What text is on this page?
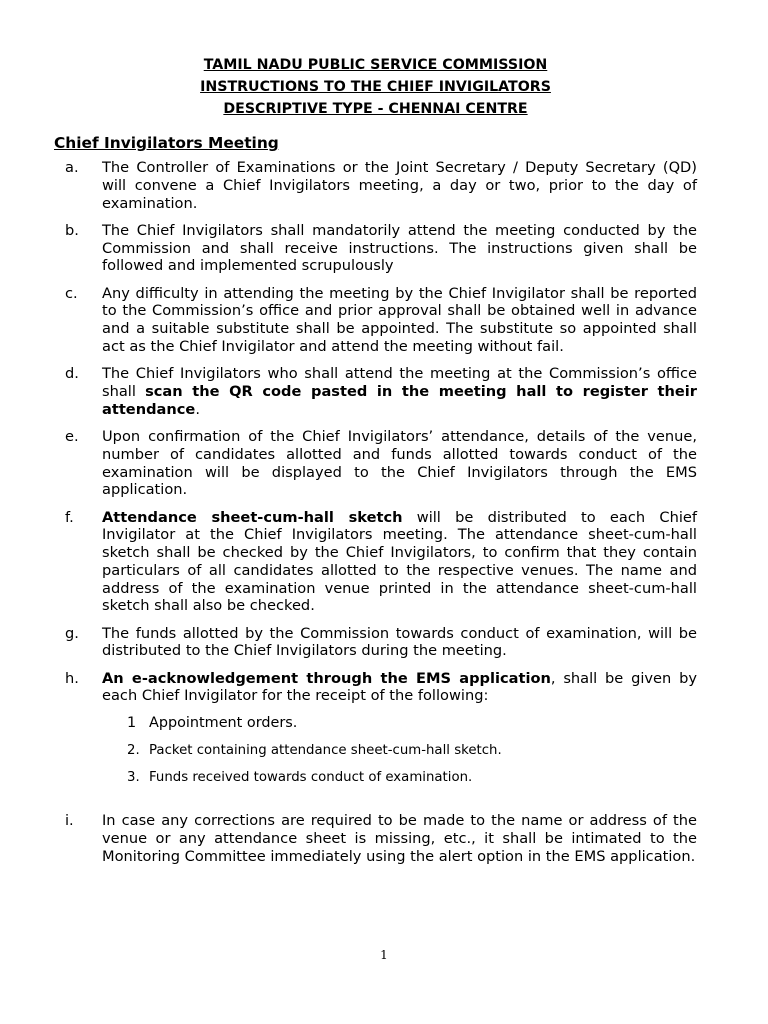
TAMIL NADU PUBLIC SERVICE COMMISSION
INSTRUCTIONS TO THE CHIEF INVIGILATORS
DESCRIPTIVE TYPE - CHENNAI CENTRE
Chief Invigilators Meeting
a.	The Controller of Examinations or the Joint Secretary / Deputy Secretary (QD) will convene a Chief Invigilators meeting, a day or two, prior to the day of examination.
b.	The Chief Invigilators shall mandatorily attend the meeting conducted by the Commission and shall receive instructions. The instructions given shall be followed and implemented scrupulously
c.	Any difficulty in attending the meeting by the Chief Invigilator shall be reported to the Commission’s office and prior approval shall be obtained well in advance and a suitable substitute shall be appointed. The substitute so appointed shall act as the Chief Invigilator and attend the meeting without fail.
d.	The Chief Invigilators who shall attend the meeting at the Commission’s office shall scan the QR code pasted in the meeting hall to register their attendance.
e.	Upon confirmation of the Chief Invigilators’ attendance, details of the venue, number of candidates allotted and funds allotted towards conduct of the examination will be displayed to the Chief Invigilators through the EMS application.
f.	Attendance sheet-cum-hall sketch will be distributed to each Chief Invigilator at the Chief Invigilators meeting. The attendance sheet-cum-hall sketch shall be checked by the Chief Invigilators, to confirm that they contain particulars of all candidates allotted to the respective venues. The name and address of the examination venue printed in the attendance sheet-cum-hall sketch shall also be checked.
g.	The funds allotted by the Commission towards conduct of examination, will be distributed to the Chief Invigilators during the meeting.
h.	An e-acknowledgement through the EMS application, shall be given by each Chief Invigilator for the receipt of the following:
1 Appointment orders.
2. Packet containing attendance sheet-cum-hall sketch.
3. Funds received towards conduct of examination.
i.	In case any corrections are required to be made to the name or address of the venue or any attendance sheet is missing, etc., it shall be intimated to the Monitoring Committee immediately using the alert option in the EMS application.
1
